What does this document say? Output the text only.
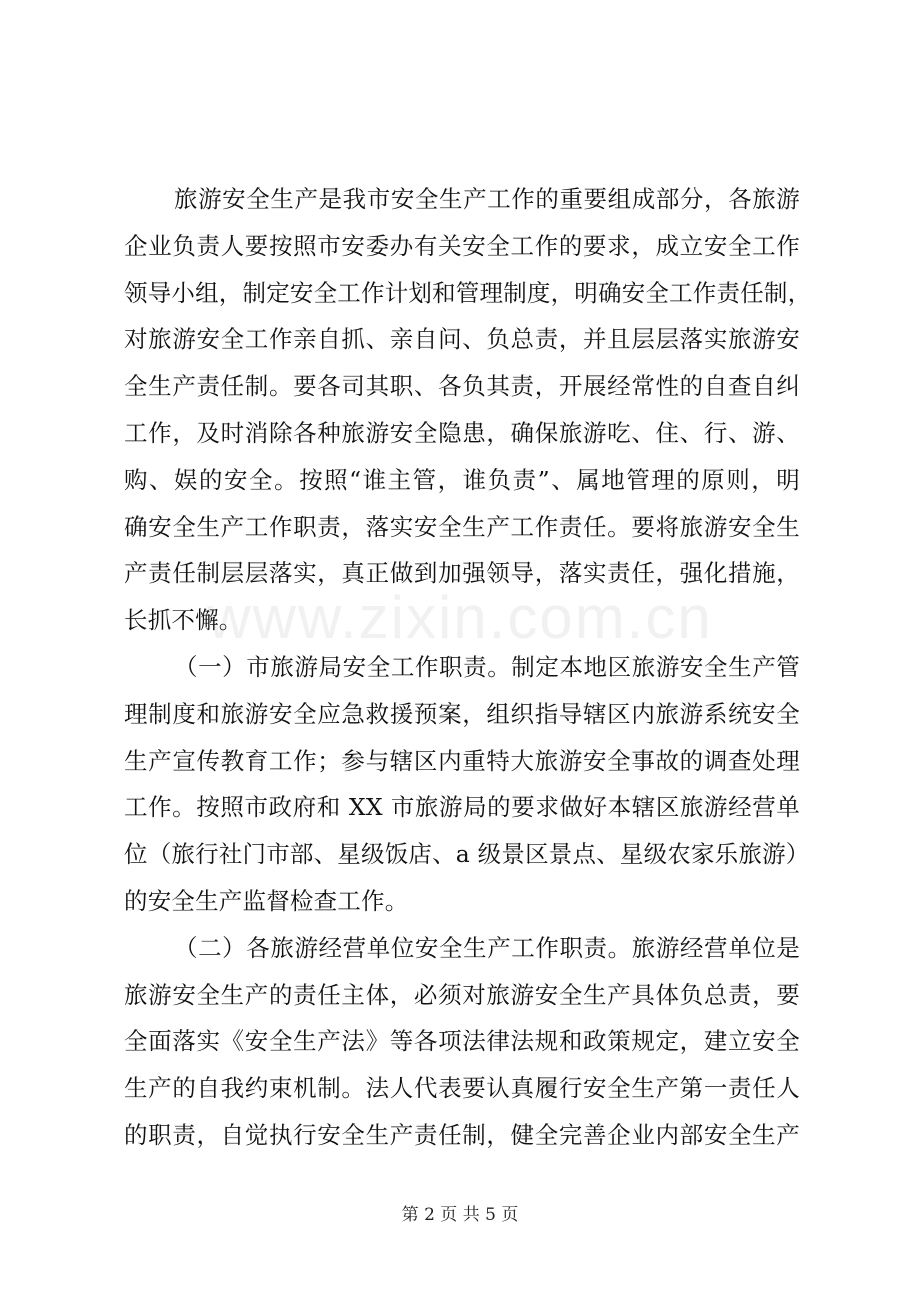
www.zixin.com.cn
旅游安全生产是我市安全生产工作的重要组成部分，各旅游
企业负责人要按照市安委办有关安全工作的要求，成立安全工作
领导小组，制定安全工作计划和管理制度，明确安全工作责任制，
对旅游安全工作亲自抓、亲自问、负总责，并且层层落实旅游安
全生产责任制。要各司其职、各负其责，开展经常性的自查自纠
工作，及时消除各种旅游安全隐患，确保旅游吃、住、行、游、
购、娱的安全。按照“谁主管，谁负责”、属地管理的原则，明
确安全生产工作职责，落实安全生产工作责任。要将旅游安全生
产责任制层层落实，真正做到加强领导，落实责任，强化措施，
长抓不懈。
（一）市旅游局安全工作职责。制定本地区旅游安全生产管
理制度和旅游安全应急救援预案，组织指导辖区内旅游系统安全
生产宣传教育工作；参与辖区内重特大旅游安全事故的调查处理
工作。按照市政府和 XX 市旅游局的要求做好本辖区旅游经营单
位（旅行社门市部、星级饭店、a 级景区景点、星级农家乐旅游）
的安全生产监督检查工作。
（二）各旅游经营单位安全生产工作职责。旅游经营单位是
旅游安全生产的责任主体，必须对旅游安全生产具体负总责，要
全面落实《安全生产法》等各项法律法规和政策规定，建立安全
生产的自我约束机制。法人代表要认真履行安全生产第一责任人
的职责，自觉执行安全生产责任制，健全完善企业内部安全生产
第 2 页 共 5 页
